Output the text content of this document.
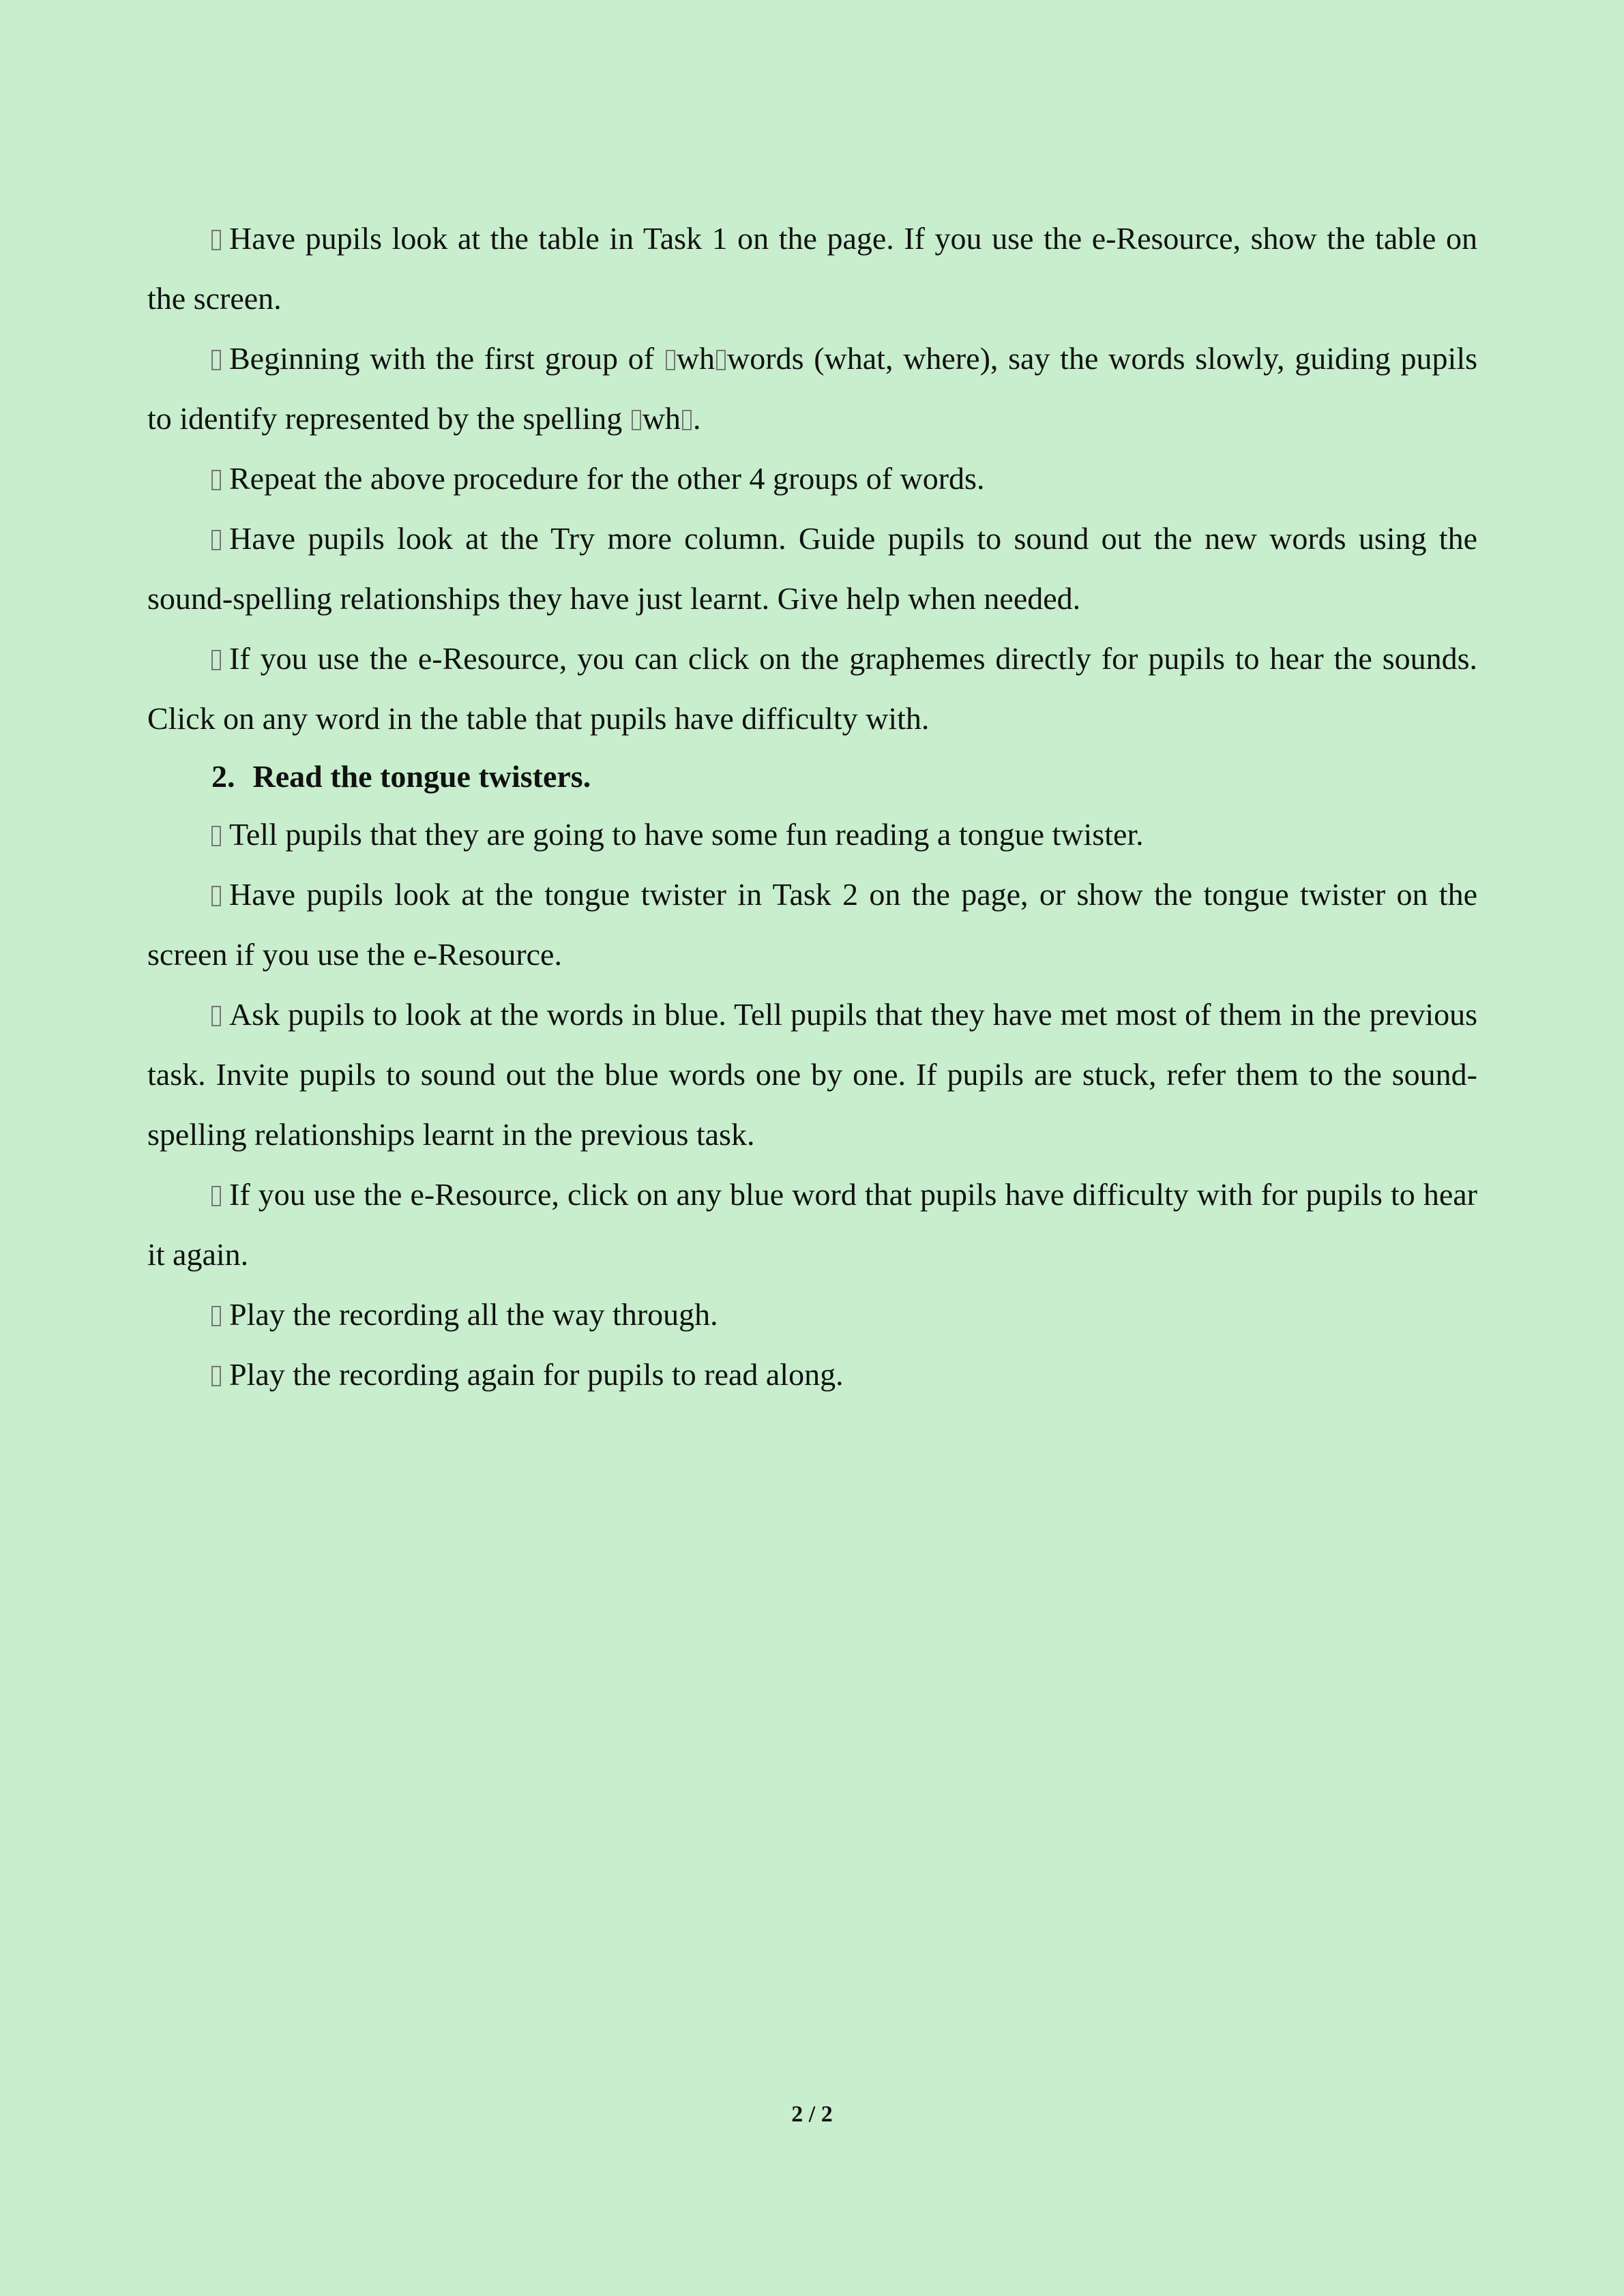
Have pupils look at the table in Task 1 on the page. If you use the e-Resource, show the table on the screen.

Beginning with the first group of wh words (what, where), say the words slowly, guiding pupils to identify represented by the spelling wh .

Repeat the above procedure for the other 4 groups of words.

Have pupils look at the Try more column. Guide pupils to sound out the new words using the sound-spelling relationships they have just learnt. Give help when needed.

If you use the e-Resource, you can click on the graphemes directly for pupils to hear the sounds. Click on any word in the table that pupils have difficulty with.

2. Read the tongue twisters.

Tell pupils that they are going to have some fun reading a tongue twister.

Have pupils look at the tongue twister in Task 2 on the page, or show the tongue twister on the screen if you use the e-Resource.

Ask pupils to look at the words in blue. Tell pupils that they have met most of them in the previous task. Invite pupils to sound out the blue words one by one. If pupils are stuck, refer them to the sound-spelling relationships learnt in the previous task.

If you use the e-Resource, click on any blue word that pupils have difficulty with for pupils to hear it again.

Play the recording all the way through.

Play the recording again for pupils to read along.

2 / 2
